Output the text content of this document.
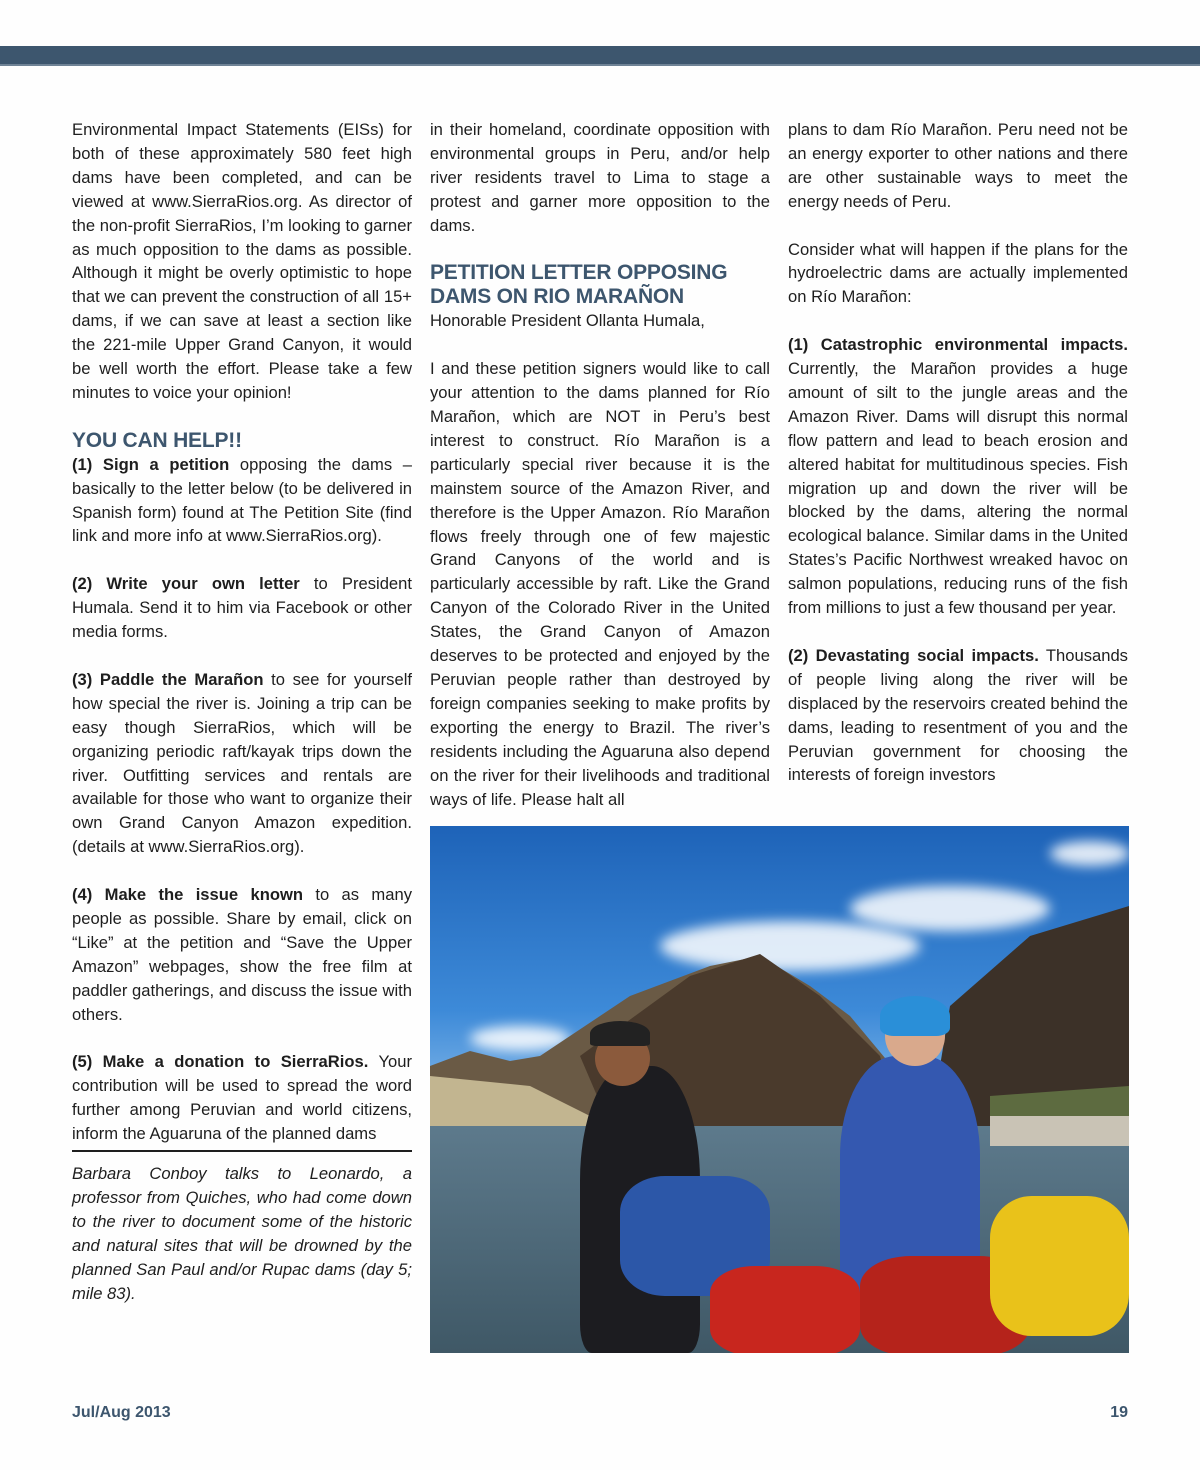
Environmental Impact Statements (EISs) for both of these approximately 580 feet high dams have been completed, and can be viewed at www.SierraRios.org. As director of the non-profit SierraRios, I’m looking to garner as much opposition to the dams as possible. Although it might be overly optimistic to hope that we can prevent the construction of all 15+ dams, if we can save at least a section like the 221-mile Upper Grand Canyon, it would be well worth the effort. Please take a few minutes to voice your opinion!

YOU CAN HELP!!

(1) Sign a petition opposing the dams – basically to the letter below (to be delivered in Spanish form) found at The Petition Site (find link and more info at www.SierraRios.org).

(2) Write your own letter to President Humala. Send it to him via Facebook or other media forms.

(3) Paddle the Marañon to see for yourself how special the river is. Joining a trip can be easy though SierraRios, which will be organizing periodic raft/kayak trips down the river. Outfitting services and rentals are available for those who want to organize their own Grand Canyon Amazon expedition. (details at www.SierraRios.org).

(4) Make the issue known to as many people as possible. Share by email, click on “Like” at the petition and “Save the Upper Amazon” webpages, show the free film at paddler gatherings, and discuss the issue with others.

(5) Make a donation to SierraRios. Your contribution will be used to spread the word further among Peruvian and world citizens, inform the Aguaruna of the planned dams

Barbara Conboy talks to Leonardo, a professor from Quiches, who had come down to the river to document some of the historic and natural sites that will be drowned by the planned San Paul and/or Rupac dams (day 5; mile 83).

in their homeland, coordinate opposition with environmental groups in Peru, and/or help river residents travel to Lima to stage a protest and garner more opposition to the dams.

PETITION LETTER OPPOSING DAMS ON RIO MARAÑON

Honorable President Ollanta Humala,

I and these petition signers would like to call your attention to the dams planned for Río Marañon, which are NOT in Peru’s best interest to construct. Río Marañon is a particularly special river because it is the mainstem source of the Amazon River, and therefore is the Upper Amazon. Río Marañon flows freely through one of few majestic Grand Canyons of the world and is particularly accessible by raft. Like the Grand Canyon of the Colorado River in the United States, the Grand Canyon of Amazon deserves to be protected and enjoyed by the Peruvian people rather than destroyed by foreign companies seeking to make profits by exporting the energy to Brazil. The river’s residents including the Aguaruna also depend on the river for their livelihoods and traditional ways of life. Please halt all

plans to dam Río Marañon. Peru need not be an energy exporter to other nations and there are other sustainable ways to meet the energy needs of Peru.

Consider what will happen if the plans for the hydroelectric dams are actually implemented on Río Marañon:

(1) Catastrophic environmental impacts. Currently, the Marañon provides a huge amount of silt to the jungle areas and the Amazon River. Dams will disrupt this normal flow pattern and lead to beach erosion and altered habitat for multitudinous species. Fish migration up and down the river will be blocked by the dams, altering the normal ecological balance. Similar dams in the United States’s Pacific Northwest wreaked havoc on salmon populations, reducing runs of the fish from millions to just a few thousand per year.

(2) Devastating social impacts. Thousands of people living along the river will be displaced by the reservoirs created behind the dams, leading to resentment of you and the Peruvian government for choosing the interests of foreign investors

Jul/Aug 2013	19
